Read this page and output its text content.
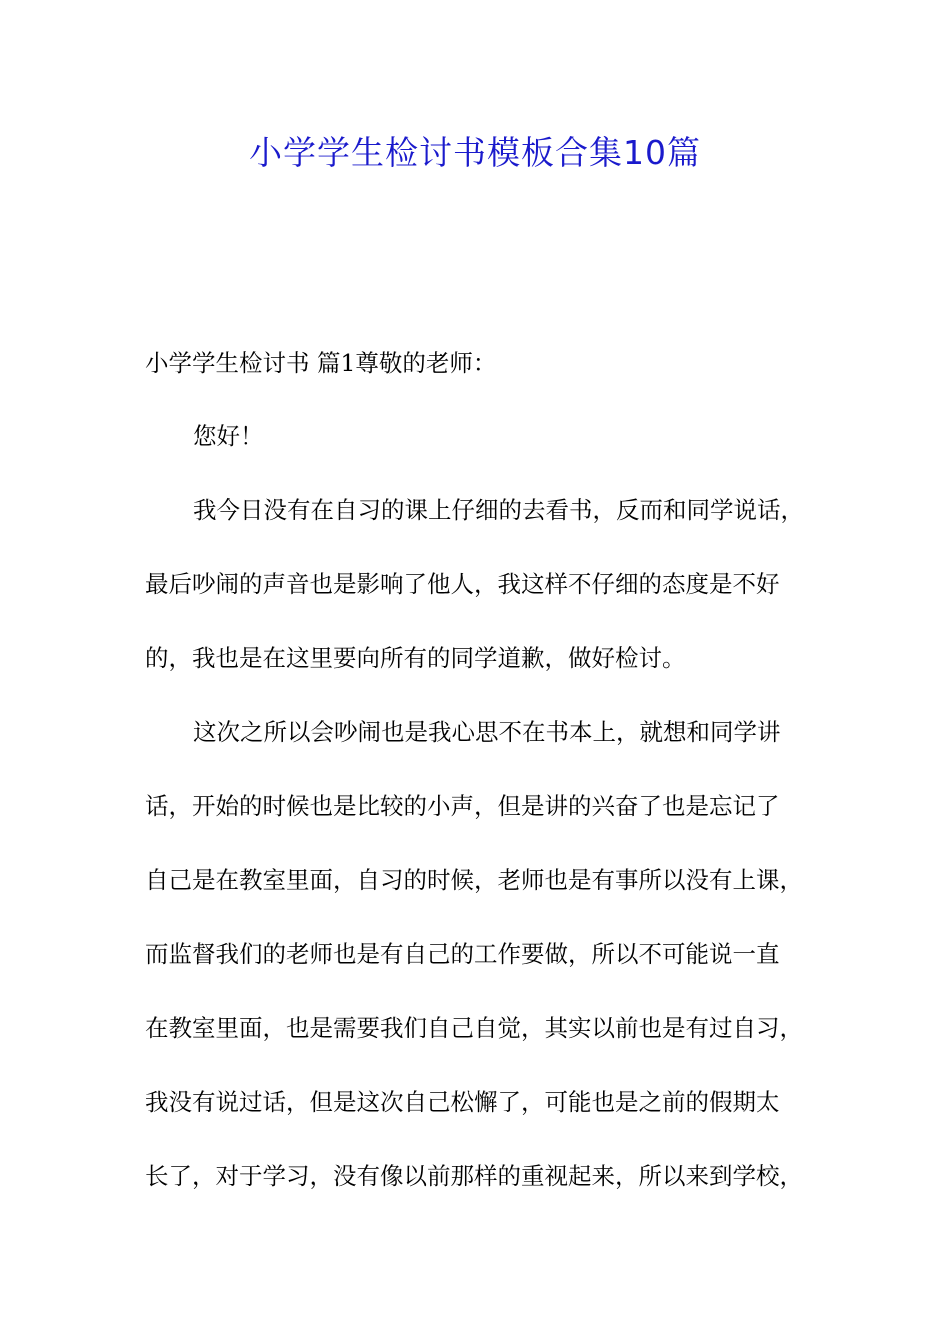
小学学生检讨书模板合集10篇
小学学生检讨书 篇1尊敬的老师：
您好！
我今日没有在自习的课上仔细的去看书，反而和同学说话，
最后吵闹的声音也是影响了他人，我这样不仔细的态度是不好
的，我也是在这里要向所有的同学道歉，做好检讨。
这次之所以会吵闹也是我心思不在书本上，就想和同学讲
话，开始的时候也是比较的小声，但是讲的兴奋了也是忘记了
自己是在教室里面，自习的时候，老师也是有事所以没有上课，
而监督我们的老师也是有自己的工作要做，所以不可能说一直
在教室里面，也是需要我们自己自觉，其实以前也是有过自习，
我没有说过话，但是这次自己松懈了，可能也是之前的假期太
长了，对于学习，没有像以前那样的重视起来，所以来到学校，
